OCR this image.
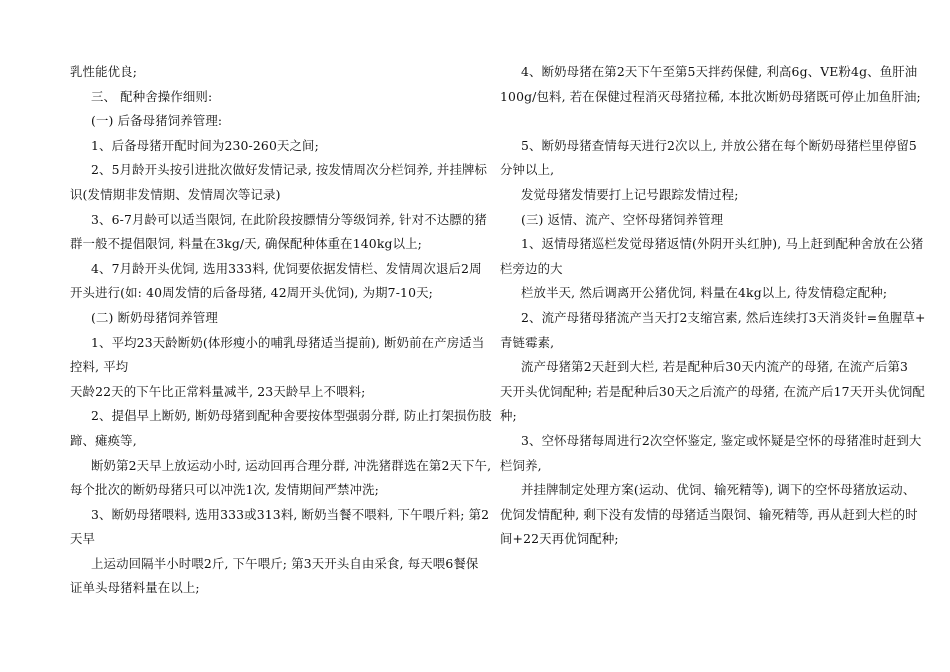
乳性能优良;
三、 配种舍操作细则:
(一) 后备母猪饲养管理:
1、后备母猪开配时间为230-260天之间;
2、5月龄开头按引进批次做好发情记录, 按发情周次分栏饲养, 并挂牌标
识(发情期非发情期、发情周次等记录)
3、6-7月龄可以适当限饲, 在此阶段按膘情分等级饲养, 针对不达膘的猪
群一般不提倡限饲, 料量在3kg/天, 确保配种体重在140kg以上;
4、7月龄开头优饲, 选用333料, 优饲要依据发情栏、发情周次退后2周
开头进行(如: 40周发情的后备母猪, 42周开头优饲), 为期7-10天;
(二) 断奶母猪饲养管理
1、平均23天龄断奶(体形瘦小的哺乳母猪适当提前), 断奶前在产房适当
控料, 平均
天龄22天的下午比正常料量减半, 23天龄早上不喂料;
2、提倡早上断奶, 断奶母猪到配种舍要按体型强弱分群, 防止打架损伤肢
蹄、瘫痪等,
断奶第2天早上放运动小时, 运动回再合理分群, 冲洗猪群选在第2天下午,
每个批次的断奶母猪只可以冲洗1次, 发情期间严禁冲洗;
3、断奶母猪喂料, 选用333或313料, 断奶当餐不喂料, 下午喂斤料; 第2
天早
上运动回隔半小时喂2斤, 下午喂斤; 第3天开头自由采食, 每天喂6餐保
证单头母猪料量在以上;
4、断奶母猪在第2天下午至第5天拌药保健, 利高6g、VE粉4g、鱼肝油
100g/包料, 若在保健过程消灭母猪拉稀, 本批次断奶母猪既可停止加鱼肝油;
5、断奶母猪查情每天进行2次以上, 并放公猪在每个断奶母猪栏里停留5
分钟以上,
发觉母猪发情要打上记号跟踪发情过程;
(三) 返情、流产、空怀母猪饲养管理
1、返情母猪巡栏发觉母猪返情(外阴开头红肿), 马上赶到配种舍放在公猪
栏旁边的大
栏放半天, 然后调离开公猪优饲, 料量在4kg以上, 待发情稳定配种;
2、流产母猪母猪流产当天打2支缩宫素, 然后连续打3天消炎针=鱼腥草+
青链霉素,
流产母猪第2天赶到大栏, 若是配种后30天内流产的母猪, 在流产后第3
天开头优饲配种; 若是配种后30天之后流产的母猪, 在流产后17天开头优饲配
种;
3、空怀母猪每周进行2次空怀鉴定, 鉴定或怀疑是空怀的母猪准时赶到大
栏饲养,
并挂牌制定处理方案(运动、优饲、输死精等), 调下的空怀母猪放运动、
优饲发情配种, 剩下没有发情的母猪适当限饲、输死精等, 再从赶到大栏的时
间+22天再优饲配种;
